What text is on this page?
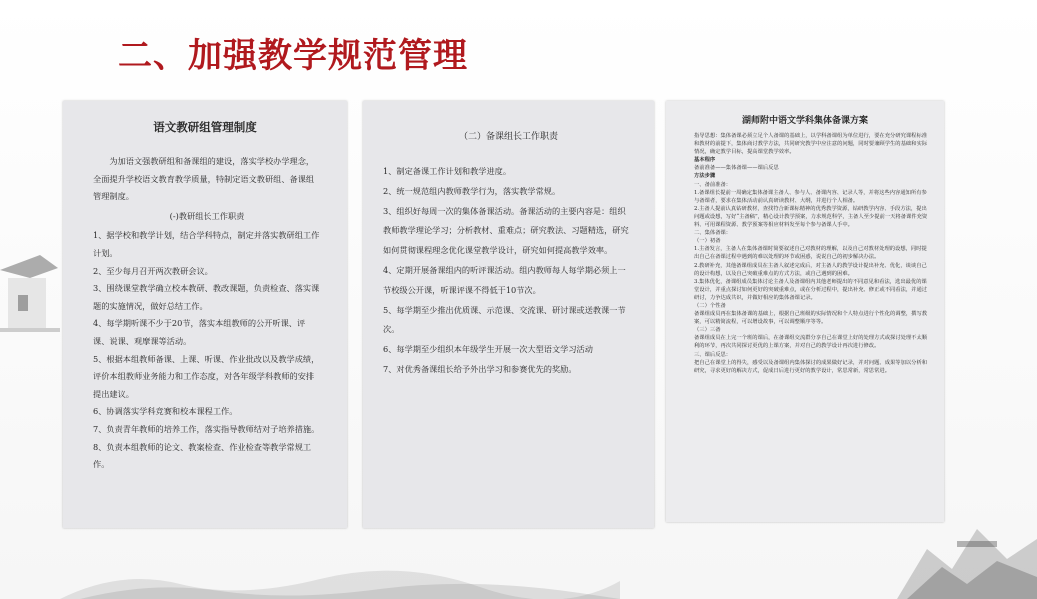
二、加强教学规范管理
语文教研组管理制度

为加语文强教研组和备课组的建设，落实学校办学理念，全面提升学校语文教育教学质量，特制定语文教研组、备课组管理制度。

(-)教研组长工作职责

1、据学校和教学计划，结合学科特点，制定并落实教研组工作计划。

2、至少每月召开两次教研会议。

3、围绕课堂教学确立校本教研、教改课题，负责检查、落实课题的实施情况，做好总结工作。

4、每学期听课不少于20节，落实本组教师的公开听课、评课、说课、观摩课等活动。

5、根据本组教师备课、上课、听课、作业批改以及教学成绩，评价本组教师业务能力和工作态度，对各年级学科教师的安排提出建议。

6、协调落实学科竞赛和校本课程工作。

7、负责青年教师的培养工作，落实指导教师结对子培养措施。

8、负责本组教师的论文、教案检查、作业检查等教学常规工作。

（二）备课组长工作职责

1、制定备课工作计划和教学进度。

2、统一规范组内教师教学行为，落实教学常规。

3、组织好每周一次的集体备课活动。备课活动的主要内容是：组织教师教学理论学习；分析教材、重难点；研究教法、习题精选，研究如何贯彻课程理念优化课堂教学设计，研究如何提高教学效率。

4、定期开展备课组内的听评课活动。组内教师每人每学期必须上一节校级公开课，听课评课不得低于10节次。

5、每学期至少推出优质课、示范课、交流课、研讨课或送教课一节次。

6、每学期至少组织本年级学生开展一次大型语文学习活动

7、对优秀备课组长给予外出学习和参赛优先的奖励。

湖师附中语文学科集体备课方案

指导思想：集体备课必须立足个人备课的基础上，以学科备课组为单位进行，要在充分研究课程标准和教材的前提下，集体商讨教学方法，共同研究教学中应注意的问题，同时要兼顾学生的基础和实际情况，确定教学目标，提高课堂教学效率。

基本程序

备前准备——集体备课——课后反思

方法步骤

一、备前准备：

1.备课组长提前一周确定集体备课主备人、参与人、备课内容、记录人等，并将这些内容通知所有参与备课者，要求在集体活动前认真研读教材、大纲，并进行个人相备。

2.主备人提前认真钻研教材，查找符合新课标精神的优秀教学资源，钻研教学内容、手段方法，提出问题或设想，写好“主备稿”，精心设计教学预案，力求规范科学，主备人至少提前一天将备课件充资料、可用课程资源、教学预案等相应材料发至每个参与备课人手中。

二、集体备课：

（一）初备

1.主备发言，主备人在集体备课时简要叙述自己对教材的理解，以及自己对教材处理的设想，同时提出自己在备课过程中遇到的难以处理的环节或困惑，说说自己的初步解决办法。

2.教研补充，其他备课组成员在主备人叙述完成后，对主备人的教学设计提出补充、优化，谈谈自己的设计构想，以及自己突破重难点的方式方法，或自己遇到的困难。

3.集体优化，备课组成员集体讨论主备人及备课组内其他老师提出的不同意见和看法，选出最优的课堂设计，并重点探讨如何更好的突破重难点，或在分析过程中，提出补充、修正或不同看法，并通过研讨，力争达成共识，并做好相应的集体备课记录。

（二）个性备

备课组成员再在集体备课的基础上，根据自己班级的实际情况和个人特点进行个性化的调整，撰写教案，可以精简流程，可以增设故事，可以调整顺序等等。

（三）三备

备课组成员在上完一个班的课后，在备课组交流群分享自己在课堂上好的处理方式或探讨处理不太顺利的环节，再次共同探讨更优的上课方案，并对自己的教学设计再次进行修改。

三、课后反思：

把自己在课堂上的得失，感受以及备课组内集体探讨的成果做好记录，并对问题、成果等加以分析和研究，寻求更好的解决方式，促成日后进行更好的教学设计，常思常新，常思常进。
